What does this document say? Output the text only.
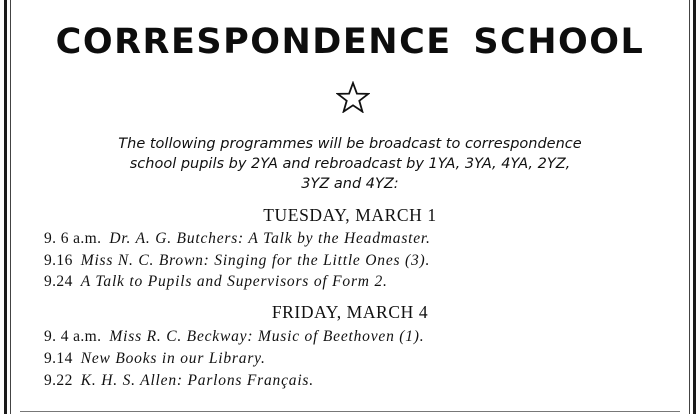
CORRESPONDENCE SCHOOL
The tollowing programmes will be broadcast to correspondence
school pupils by 2YA and rebroadcast by 1YA, 3YA, 4YA, 2YZ,
3YZ and 4YZ:
TUESDAY, MARCH 1
9. 6 a.m. Dr. A. G. Butchers: A Talk by the Headmaster.
9.16 Miss N. C. Brown: Singing for the Little Ones (3).
9.24 A Talk to Pupils and Supervisors of Form 2.
FRIDAY, MARCH 4
9. 4 a.m. Miss R. C. Beckway: Music of Beethoven (1).
9.14 New Books in our Library.
9.22 K. H. S. Allen: Parlons Français.
